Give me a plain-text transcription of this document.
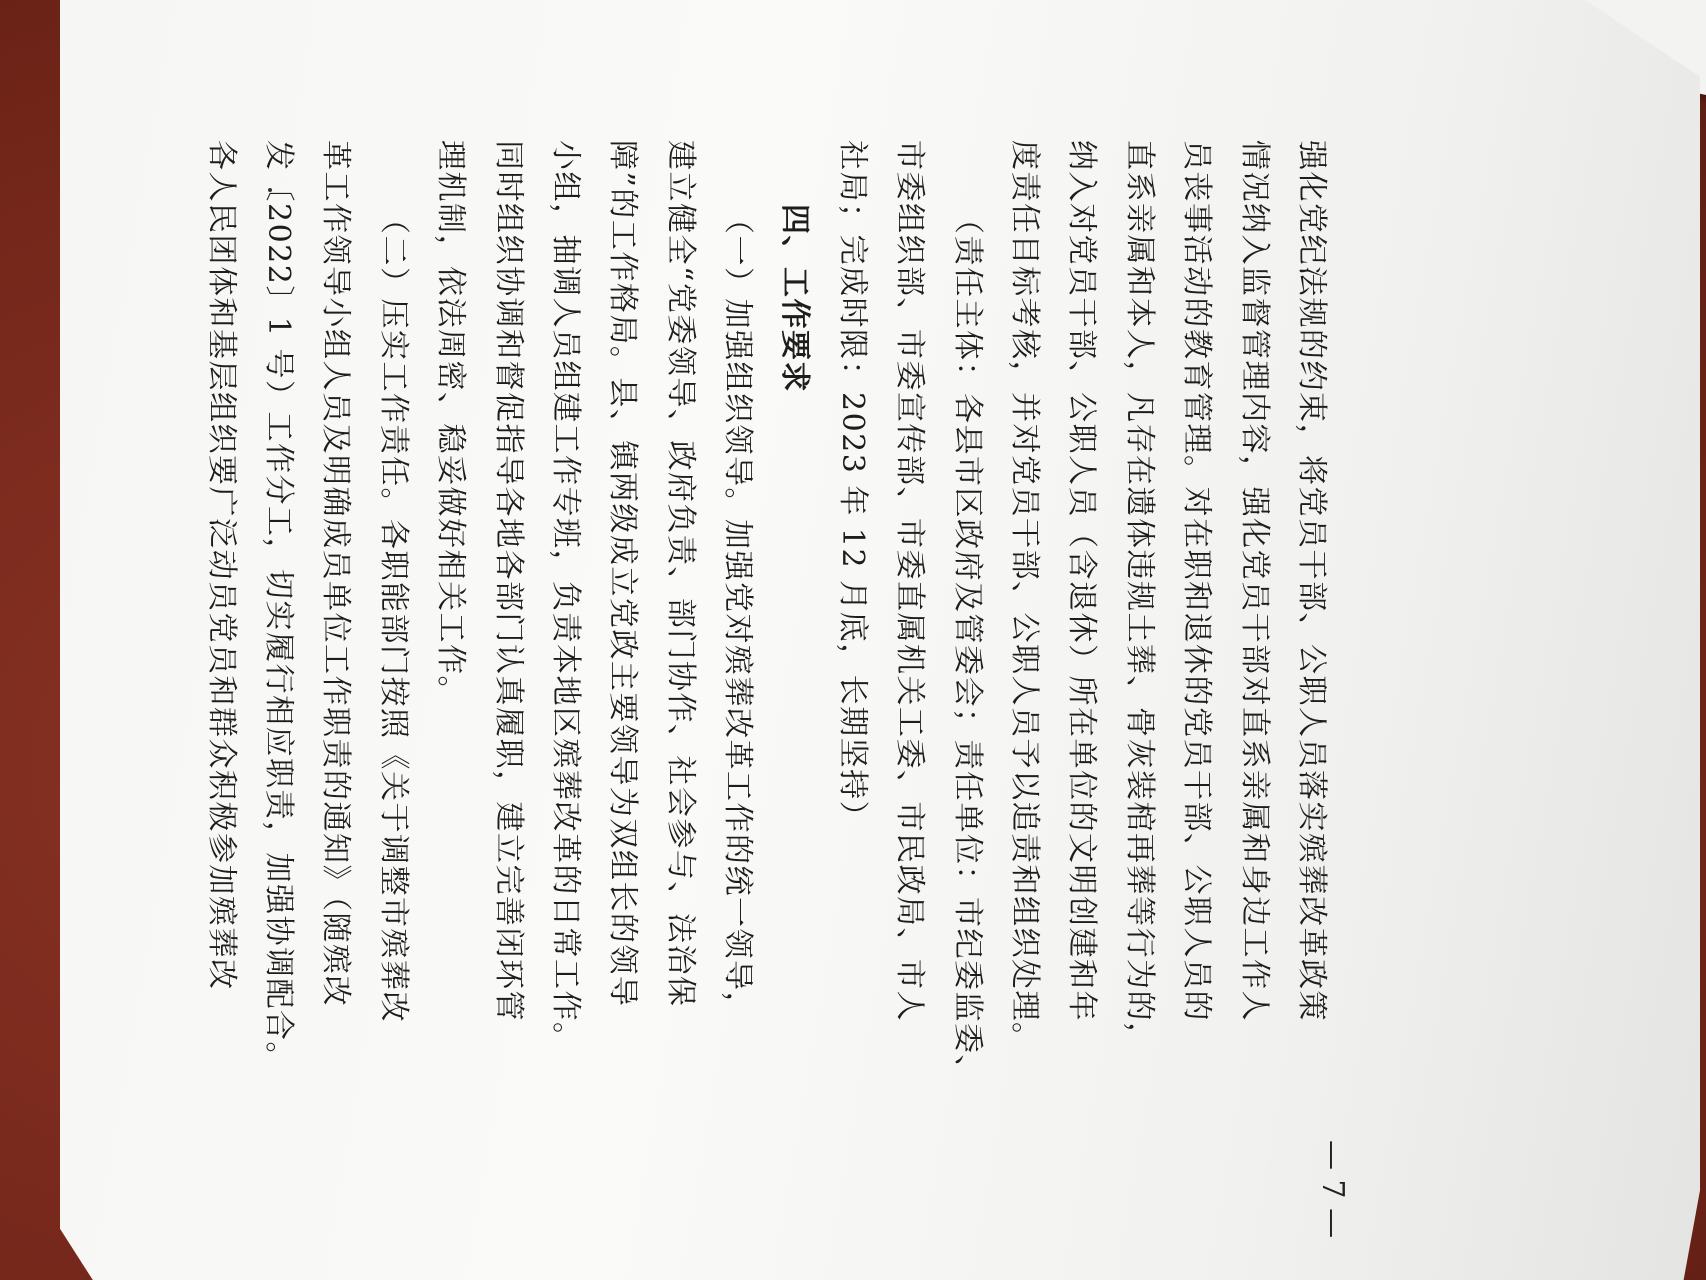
强化党纪法规的约束，将党员干部、公职人员落实殡葬改革政策
情况纳入监督管理内容，强化党员干部对直系亲属和身边工作人
员丧事活动的教育管理。对在职和退休的党员干部、公职人员的
直系亲属和本人，凡存在遗体违规土葬、骨灰装棺再葬等行为的，
纳入对党员干部、公职人员（含退休）所在单位的文明创建和年
度责任目标考核，并对党员干部、公职人员予以追责和组织处理。
（责任主体：各县市区政府及管委会；责任单位：市纪委监委、
市委组织部、市委宣传部、市委直属机关工委、市民政局、市人
社局；完成时限：2023 年 12 月底，长期坚持）
四、工作要求
（一）加强组织领导。加强党对殡葬改革工作的统一领导，
建立健全“党委领导、政府负责、部门协作、社会参与、法治保
障”的工作格局。县、镇两级成立党政主要领导为双组长的领导
小组，抽调人员组建工作专班，负责本地区殡葬改革的日常工作。
同时组织协调和督促指导各地各部门认真履职，建立完善闭环管
理机制，依法周密、稳妥做好相关工作。
（二）压实工作责任。各职能部门按照《关于调整市殡葬改
革工作领导小组人员及明确成员单位工作职责的通知》（随殡改
发〔2022〕1 号）工作分工，切实履行相应职责，加强协调配合。
各人民团体和基层组织要广泛动员党员和群众积极参加殡葬改
— 7 —
